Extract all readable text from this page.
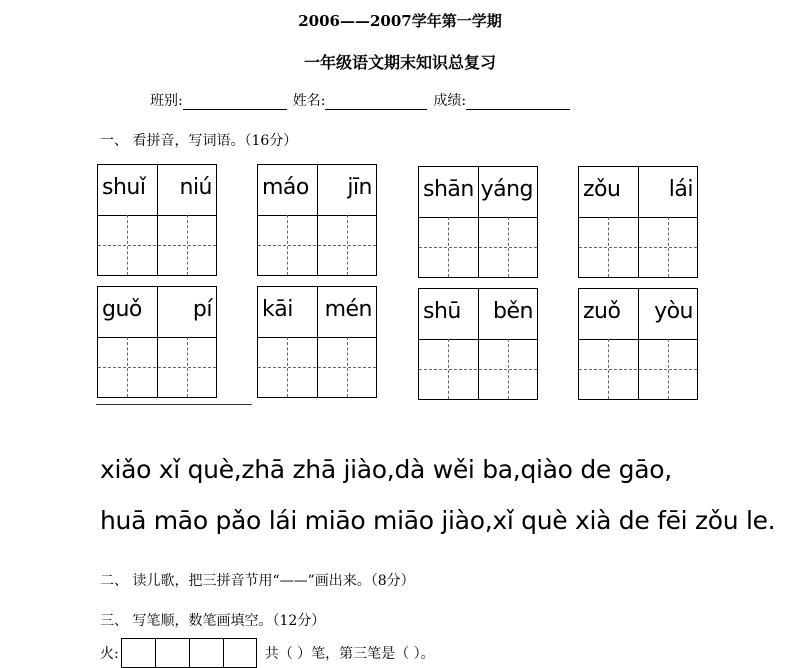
2006——2007学年第一学期
一年级语文期末知识总复习
班别:	姓名:	成绩:
一、 看拼音，写词语。（16分）
shuǐ niú máo jīn shān yáng zǒu lái
guǒ pí kāi mén shū běn zuǒ yòu
xiǎo xǐ què,zhā zhā jiào,dà wěi ba,qiào de gāo,
huā māo pǎo lái miāo miāo jiào,xǐ què xià de fēi zǒu le.
二、 读儿歌，把三拼音节用“——”画出来。（8分）
三、 写笔顺，数笔画填空。（12分）
火:	共（ ）笔，第三笔是（ ）。
